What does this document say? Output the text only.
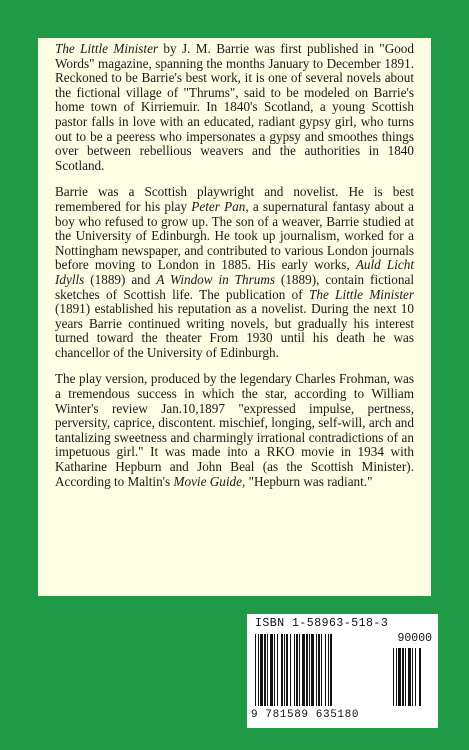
The Little Minister by J. M. Barrie was first published in "Good Words" magazine, spanning the months January to December 1891. Reckoned to be Barrie's best work, it is one of several novels about the fictional village of "Thrums", said to be modeled on Barrie's home town of Kirriemuir. In 1840's Scotland, a young Scottish pastor falls in love with an educated, radiant gypsy girl, who turns out to be a peeress who impersonates a gypsy and smoothes things over between rebellious weavers and the authorities in 1840 Scotland.

Barrie was a Scottish playwright and novelist. He is best remembered for his play Peter Pan, a supernatural fantasy about a boy who refused to grow up. The son of a weaver, Barrie studied at the University of Edinburgh. He took up journalism, worked for a Nottingham newspaper, and contributed to various London journals before moving to London in 1885. His early works, Auld Licht Idylls (1889) and A Window in Thrums (1889), contain fictional sketches of Scottish life. The publication of The Little Minister (1891) established his reputation as a novelist. During the next 10 years Barrie continued writing novels, but gradually his interest turned toward the theater From 1930 until his death he was chancellor of the University of Edinburgh.

The play version, produced by the legendary Charles Frohman, was a tremendous success in which the star, according to William Winter's review Jan.10,1897 "expressed impulse, pertness, perversity, caprice, discontent. mischief, longing, self-will, arch and tantalizing sweetness and charmingly irrational contradictions of an impetuous girl." It was made into a RKO movie in 1934 with Katharine Hepburn and John Beal (as the Scottish Minister). According to Maltin's Movie Guide, "Hepburn was radiant."

ISBN 1-58963-518-3
90000
9 781589 635180
